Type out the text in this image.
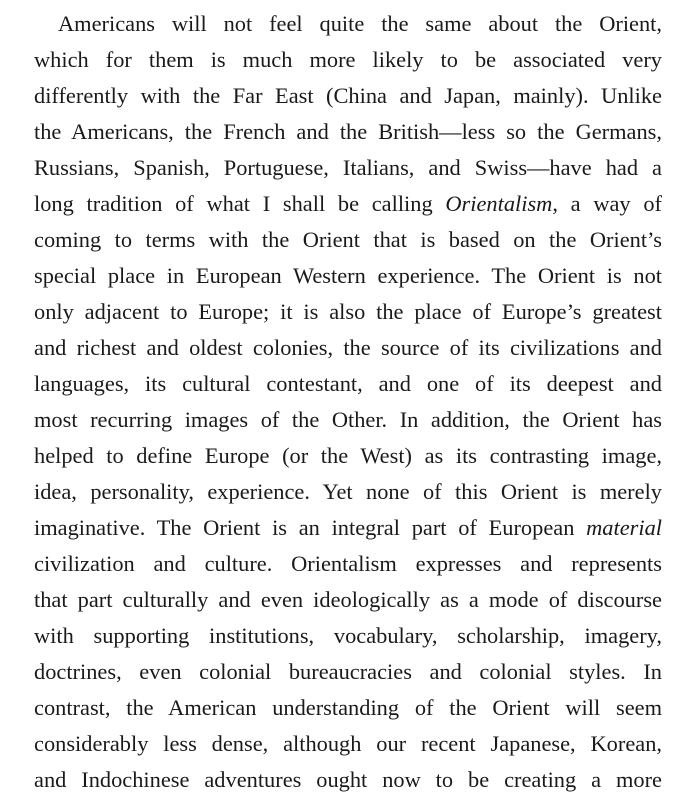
Americans will not feel quite the same about the Orient,
which for them is much more likely to be associated very
differently with the Far East (China and Japan, mainly). Unlike
the Americans, the French and the British—less so the Germans,
Russians, Spanish, Portuguese, Italians, and Swiss—have had a
long tradition of what I shall be calling Orientalism, a way of
coming to terms with the Orient that is based on the Orient’s
special place in European Western experience. The Orient is not
only adjacent to Europe; it is also the place of Europe’s greatest
and richest and oldest colonies, the source of its civilizations and
languages, its cultural contestant, and one of its deepest and
most recurring images of the Other. In addition, the Orient has
helped to define Europe (or the West) as its contrasting image,
idea, personality, experience. Yet none of this Orient is merely
imaginative. The Orient is an integral part of European material
civilization and culture. Orientalism expresses and represents
that part culturally and even ideologically as a mode of discourse
with supporting institutions, vocabulary, scholarship, imagery,
doctrines, even colonial bureaucracies and colonial styles. In
contrast, the American understanding of the Orient will seem
considerably less dense, although our recent Japanese, Korean,
and Indochinese adventures ought now to be creating a more
